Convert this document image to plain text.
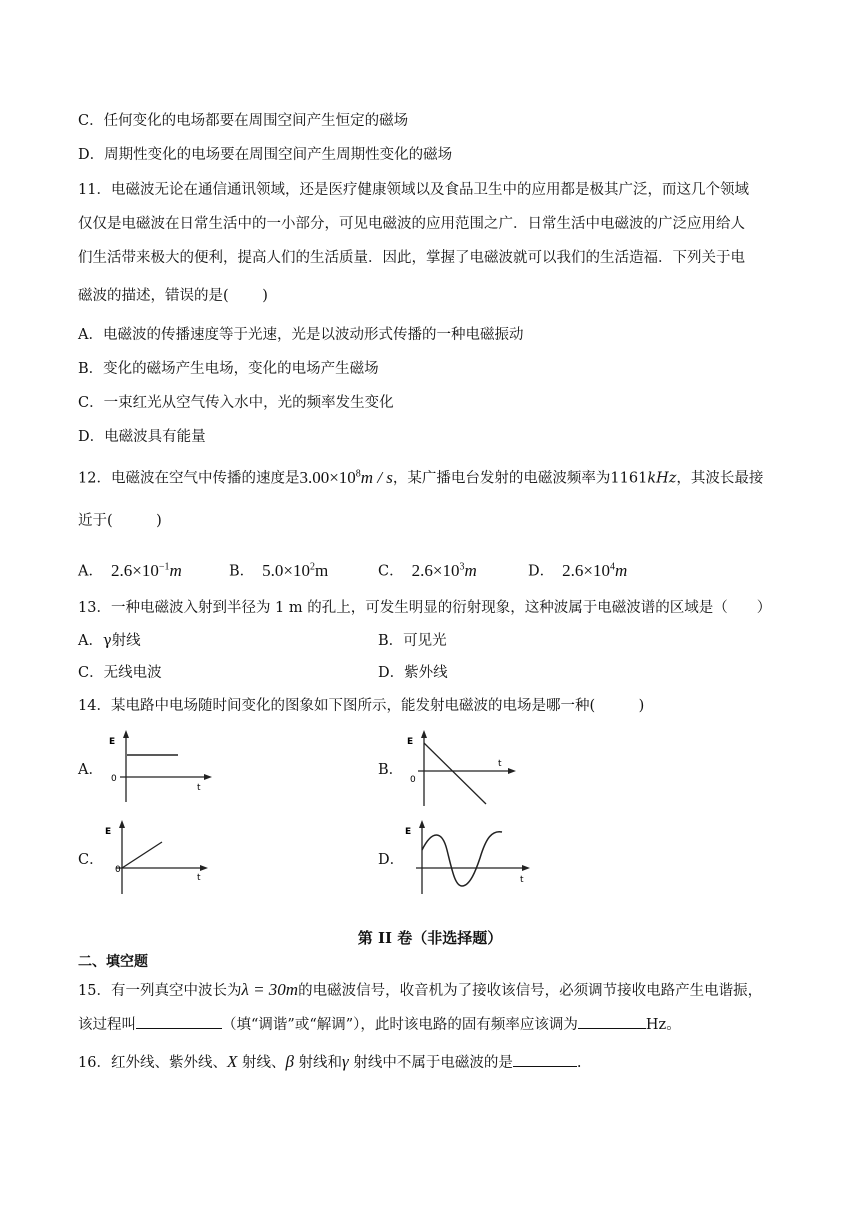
C．任何变化的电场都要在周围空间产生恒定的磁场
D．周期性变化的电场要在周围空间产生周期性变化的磁场
11．电磁波无论在通信通讯领域，还是医疗健康领域以及食品卫生中的应用都是极其广泛，而这几个领域
仅仅是电磁波在日常生活中的一小部分，可见电磁波的应用范围之广．日常生活中电磁波的广泛应用给人
们生活带来极大的便利，提高人们的生活质量．因此，掌握了电磁波就可以我们的生活造福．下列关于电
磁波的描述，错误的是(　　 )
A．电磁波的传播速度等于光速，光是以波动形式传播的一种电磁振动
B．变化的磁场产生电场，变化的电场产生磁场
C．一束红光从空气传入水中，光的频率发生变化
D．电磁波具有能量
12．电磁波在空气中传播的速度是$3.00\times 10^8m / s$，某广播电台发射的电磁波频率为1161kHz，其波长最接
近于(　　　)
A． $2.6\times 10^{-1}m$	B． $5.0\times 10^2m$	C． $2.6\times 10^3m$	D． $2.6\times 10^4m$
13．一种电磁波入射到半径为 1 m 的孔上，可发生明显的衍射现象，这种波属于电磁波谱的区域是（　　）
A．γ射线	B．可见光
C．无线电波	D．紫外线
14．某电路中电场随时间变化的图象如下图所示，能发射电磁波的电场是哪一种(　　　)
A．
E
0
t
B．
E
0
t
C．
E
0
t
D．
E
t
第 II 卷（非选择题）
二、填空题
15．有一列真空中波长为λ = 30m的电磁波信号，收音机为了接收该信号，必须调节接收电路产生电谐振，
该过程叫	（填“调谐”或“解调”），此时该电路的固有频率应该调为	Hz。
16．红外线、紫外线、X 射线、β 射线和γ 射线中不属于电磁波的是	.
